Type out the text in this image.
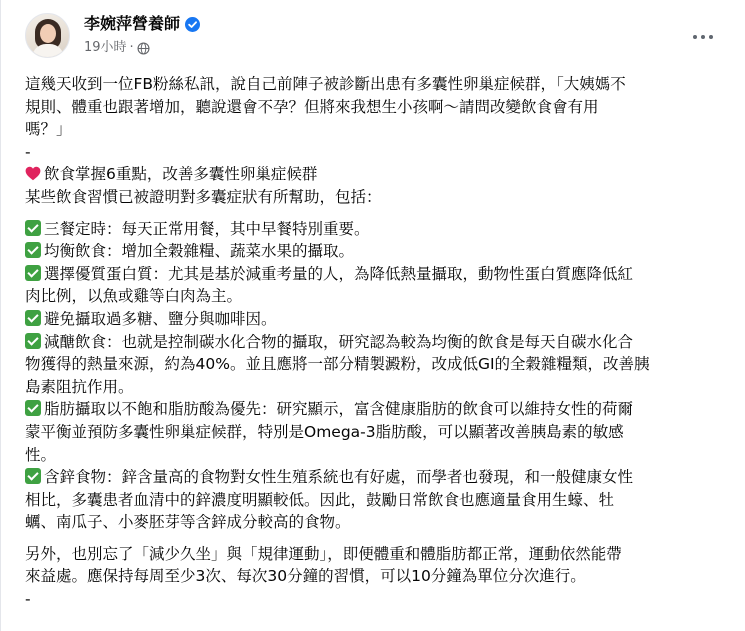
李婉萍營養師
19小時 ·
這幾天收到一位FB粉絲私訊，說自己前陣子被診斷出患有多囊性卵巢症候群，「大姨媽不
規則、體重也跟著增加，聽說還會不孕？但將來我想生小孩啊～請問改變飲食會有用
嗎？」
-
飲食掌握6重點，改善多囊性卵巢症候群
某些飲食習慣已被證明對多囊症狀有所幫助，包括：
三餐定時：每天正常用餐，其中早餐特別重要。
均衡飲食：增加全穀雜糧、蔬菜水果的攝取。
選擇優質蛋白質：尤其是基於減重考量的人，為降低熱量攝取，動物性蛋白質應降低紅
肉比例，以魚或雞等白肉為主。
避免攝取過多糖、鹽分與咖啡因。
減醣飲食：也就是控制碳水化合物的攝取，研究認為較為均衡的飲食是每天自碳水化合
物獲得的熱量來源，約為40%。並且應將一部分精製澱粉，改成低GI的全穀雜糧類，改善胰
島素阻抗作用。
脂肪攝取以不飽和脂肪酸為優先：研究顯示，富含健康脂肪的飲食可以維持女性的荷爾
蒙平衡並預防多囊性卵巢症候群，特別是Omega-3脂肪酸，可以顯著改善胰島素的敏感
性。
含鋅食物：鋅含量高的食物對女性生殖系統也有好處，而學者也發現，和一般健康女性
相比，多囊患者血清中的鋅濃度明顯較低。因此，鼓勵日常飲食也應適量食用生蠔、牡
蠣、南瓜子、小麥胚芽等含鋅成分較高的食物。
另外，也別忘了「減少久坐」與「規律運動」，即便體重和體脂肪都正常，運動依然能帶
來益處。應保持每周至少3次、每次30分鐘的習慣，可以10分鐘為單位分次進行。
-
